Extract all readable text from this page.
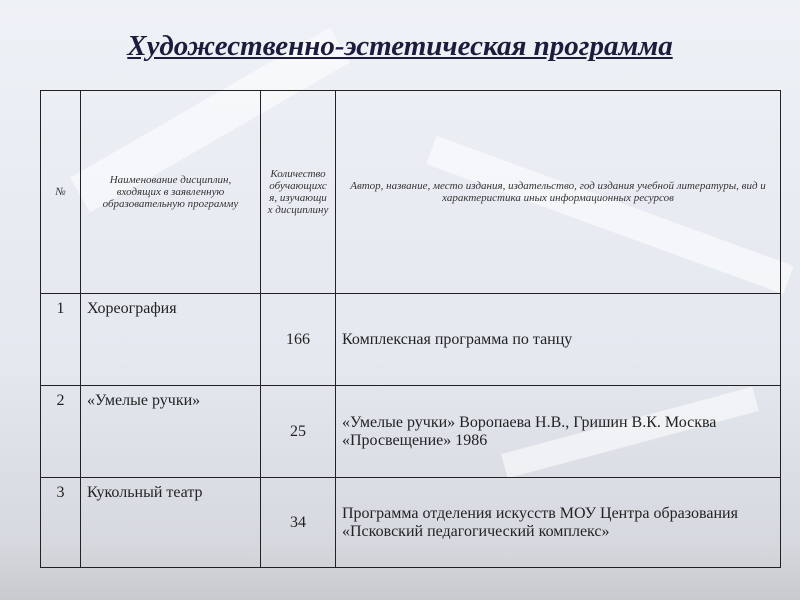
Художественно-эстетическая программа
№	Наименование дисциплин, входящих в заявленную образовательную программу	Количество обучающихся, изучающих дисциплину	Автор, название, место издания, издательство, год издания учебной литературы, вид и характеристика иных информационных ресурсов
1	Хореография	166	Комплексная программа по танцу
2	«Умелые ручки»	25	«Умелые ручки» Воропаева Н.В., Гришин В.К. Москва «Просвещение» 1986
3	Кукольный театр	34	Программа отделения искусств МОУ Центра образования «Псковский педагогический комплекс»
